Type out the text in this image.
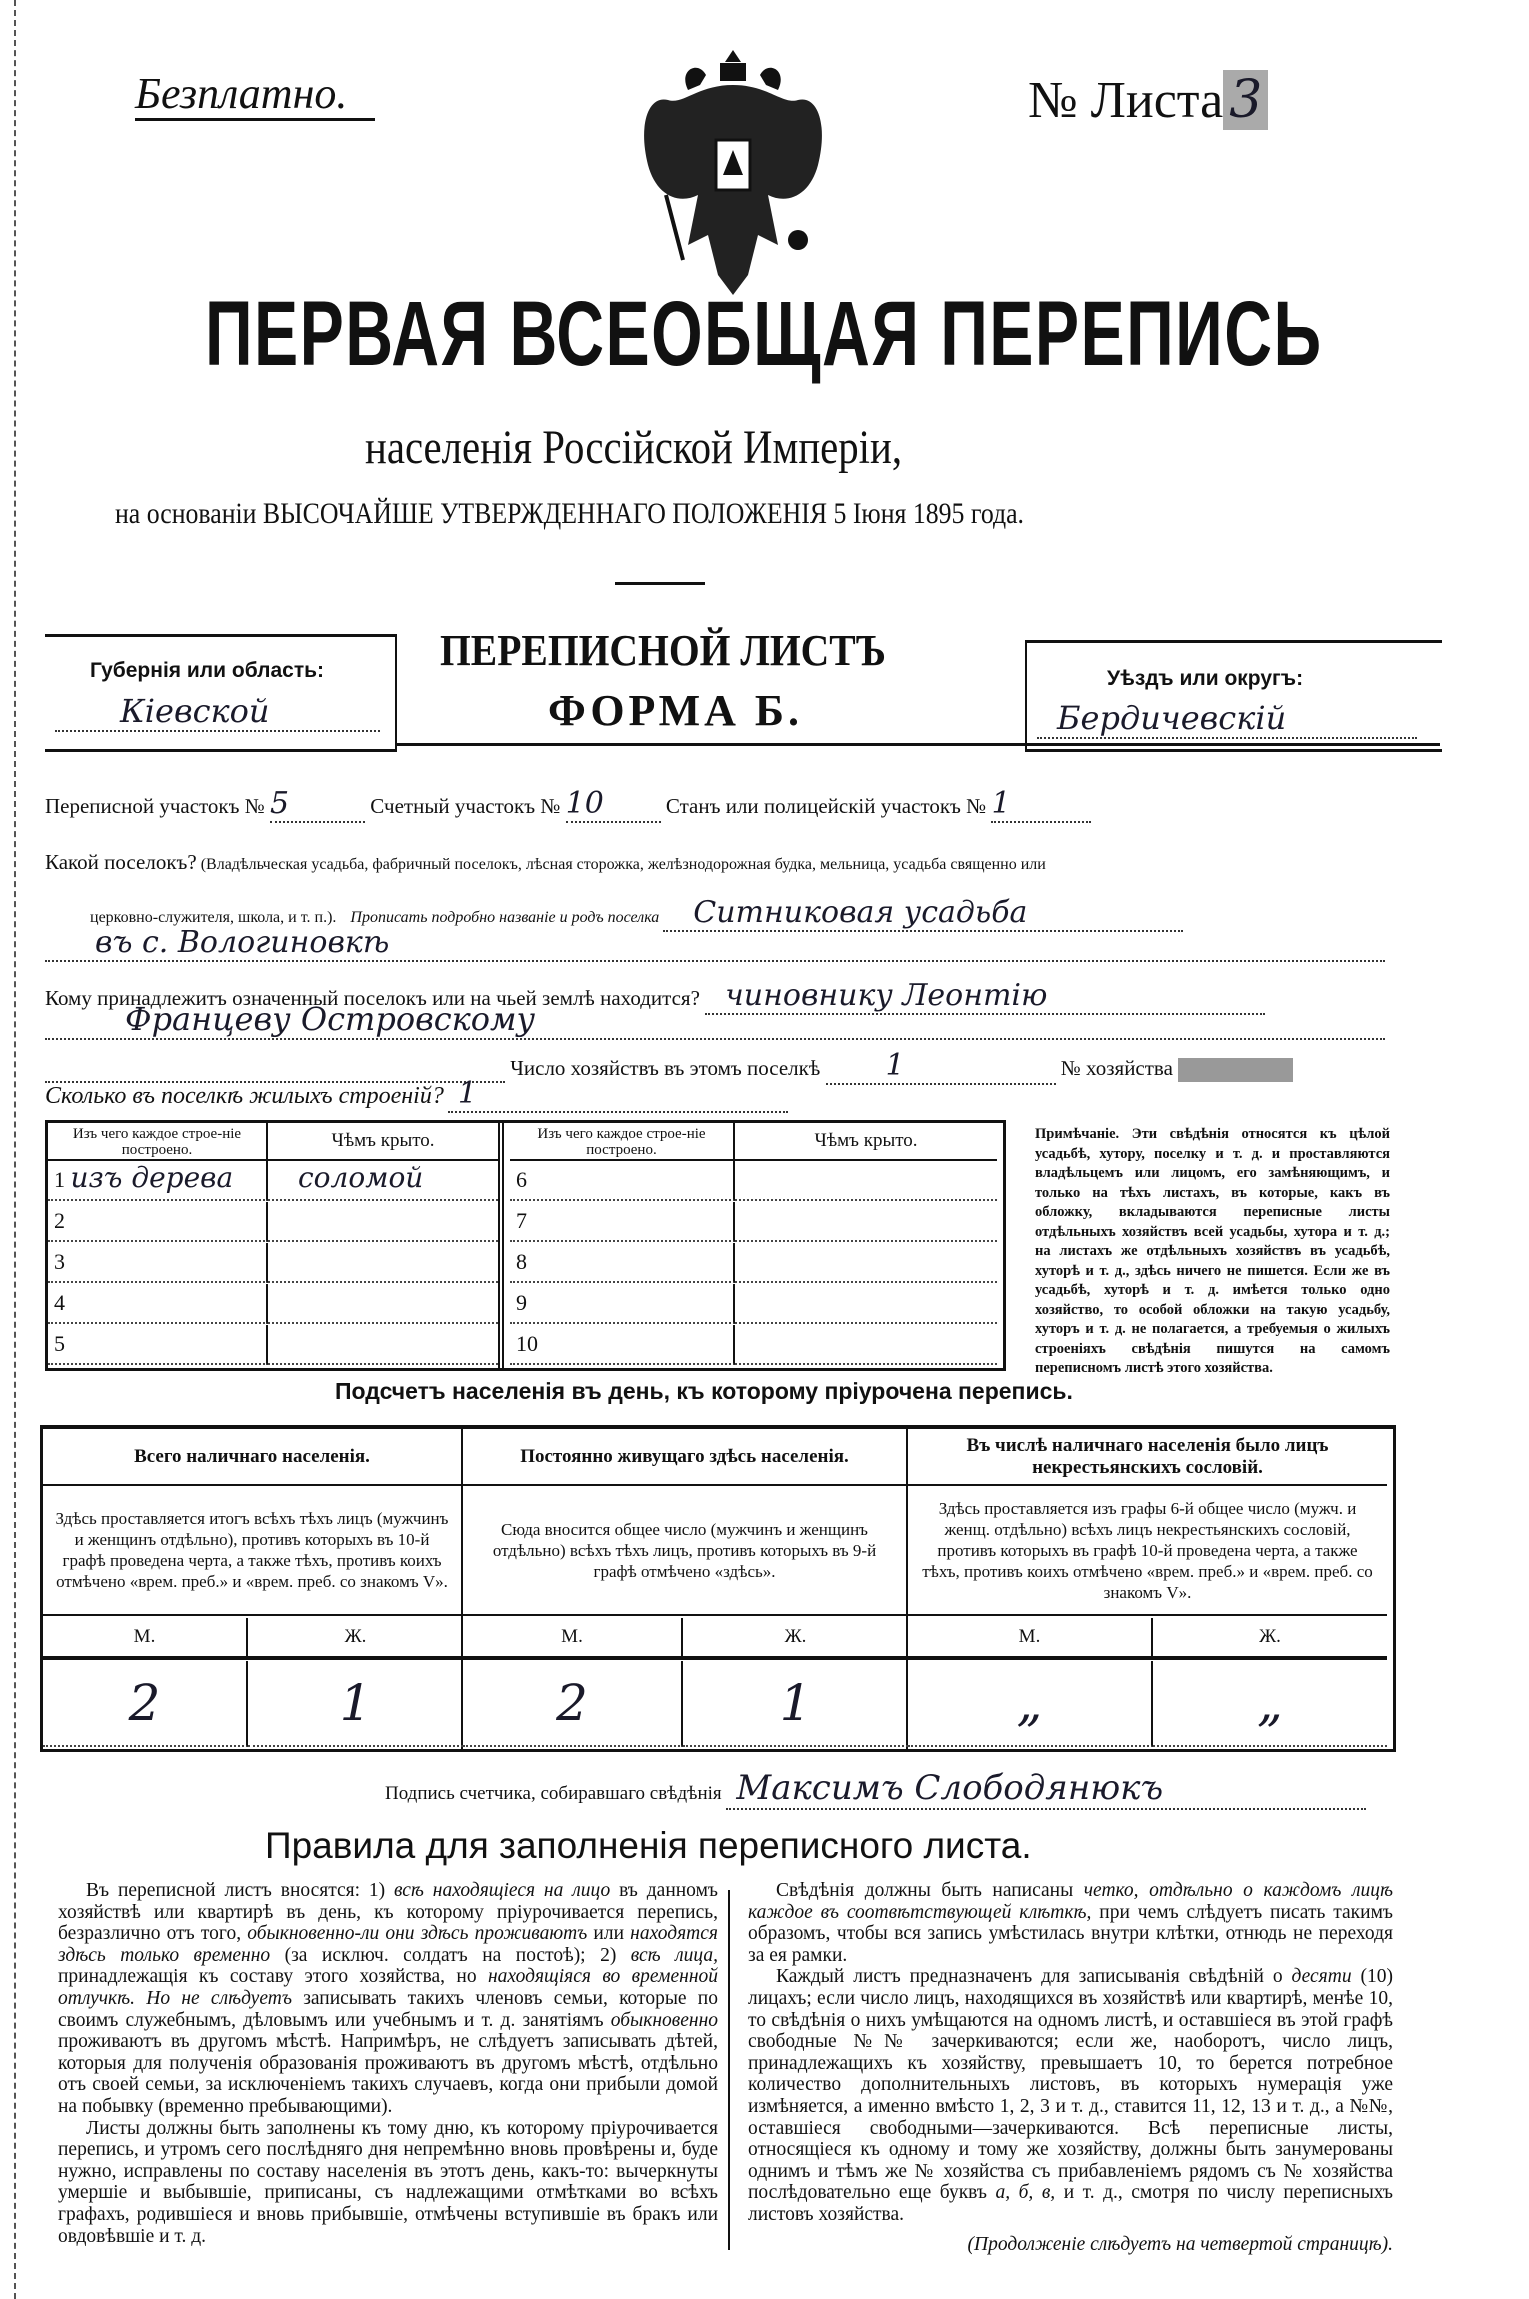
Безплатно.	№ Листа 3
ПЕРВАЯ ВСЕОБЩАЯ ПЕРЕПИСЬ
населенія Россійской Имперіи,
на основаніи ВЫСОЧАЙШЕ УТВЕРЖДЕННАГО ПОЛОЖЕНІЯ 5 Іюня 1895 года.
Губернія или область:
Кіевской
ПЕРЕПИСНОЙ ЛИСТЪ
ФОРМА Б.
Уѣздъ или округъ:
Бердичевскій
Переписной участокъ № 5	Счетный участокъ № 10	Станъ или полицейскій участокъ № 1
Какой поселокъ? (Владѣльческая усадьба, фабричный поселокъ, лѣсная сторожка, желѣзнодорожная будка, мельница, усадьба священно или
церковно-служителя, школа, и т. п.). Прописать подробно названіе и родъ поселка Ситниковая усадьба
въ с. Вологиновкѣ
Кому принадлежитъ означенный поселокъ или на чьей землѣ находится? чиновнику Леонтію
Францеву Островскому
Число хозяйствъ въ этомъ поселкѣ 1	№ хозяйства
Сколько въ поселкѣ жилыхъ строеній? 1
Изъ чего каждое строе-ніе построено.	Чѣмъ крыто.
1 изъ дерева	соломой
2
3
4
5
Изъ чего каждое строе-ніе построено.	Чѣмъ крыто.
6
7
8
9
10
Примѣчаніе. Эти свѣдѣнія относятся къ цѣлой усадьбѣ, хутору, поселку и т. д. и проставляются владѣльцемъ или лицомъ, его замѣняющимъ, и только на тѣхъ листахъ, въ которые, какъ въ обложку, вкладываются переписные листы отдѣльныхъ хозяйствъ всей усадьбы, хутора и т. д.; на листахъ же отдѣльныхъ хозяйствъ въ усадьбѣ, хуторѣ и т. д., здѣсь ничего не пишется. Если же въ усадьбѣ, хуторѣ и т. д. имѣется только одно хозяйство, то особой обложки на такую усадьбу, хуторъ и т. д. не полагается, а требуемыя о жилыхъ строеніяхъ свѣдѣнія пишутся на самомъ переписномъ листѣ этого хозяйства.
Подсчетъ населенія въ день, къ которому пріурочена перепись.
Всего наличнаго населенія.
Здѣсь проставляется итогъ всѣхъ тѣхъ лицъ (мужчинъ и женщинъ отдѣльно), противъ которыхъ въ 10-й графѣ проведена черта, а также тѣхъ, противъ коихъ отмѣчено «врем. преб.» и «врем. преб. со знакомъ V».
М.	Ж.
2	1
Постоянно живущаго здѣсь населенія.
Сюда вносится общее число (мужчинъ и женщинъ отдѣльно) всѣхъ тѣхъ лицъ, противъ которыхъ въ 9-й графѣ отмѣчено «здѣсь».
М.	Ж.
2	1
Въ числѣ наличнаго населенія было лицъ некрестьянскихъ сословій.
Здѣсь проставляется изъ графы 6-й общее число (мужч. и женщ. отдѣльно) всѣхъ лицъ некрестьянскихъ сословій, противъ которыхъ въ графѣ 10-й проведена черта, а также тѣхъ, противъ коихъ отмѣчено «врем. преб.» и «врем. преб. со знакомъ V».
М.	Ж.
„	„
Подпись счетчика, собиравшаго свѣдѣнія Максимъ Слободянюкъ
Правила для заполненія переписного листа.

Въ переписной листъ вносятся: 1) всѣ находящіеся на лицо въ данномъ хозяйствѣ или квартирѣ въ день, къ которому пріурочивается перепись, безразлично отъ того, обыкновенно-ли они здѣсь проживаютъ или находятся здѣсь только временно (за исключ. солдатъ на постоѣ); 2) всѣ лица, принадлежащія къ составу этого хозяйства, но находящіяся во временной отлучкѣ. Но не слѣдуетъ записывать такихъ членовъ семьи, которые по своимъ служебнымъ, дѣловымъ или учебнымъ и т. д. занятіямъ обыкновенно проживаютъ въ другомъ мѣстѣ. Напримѣръ, не слѣдуетъ записывать дѣтей, которыя для полученія образованія проживаютъ въ другомъ мѣстѣ, отдѣльно отъ своей семьи, за исключеніемъ такихъ случаевъ, когда они прибыли домой на побывку (временно пребывающими).

Листы должны быть заполнены къ тому дню, къ которому пріурочивается перепись, и утромъ сего послѣдняго дня непремѣнно вновь провѣрены и, буде нужно, исправлены по составу населенія въ этотъ день, какъ-то: вычеркнуты умершіе и выбывшіе, приписаны, съ надлежащими отмѣтками во всѣхъ графахъ, родившіеся и вновь прибывшіе, отмѣчены вступившіе въ бракъ или овдовѣвшіе и т. д.

Свѣдѣнія должны быть написаны четко, отдѣльно о каждомъ лицѣ каждое въ соотвѣтствующей клѣткѣ, при чемъ слѣдуетъ писать такимъ образомъ, чтобы вся запись умѣстилась внутри клѣтки, отнюдь не переходя за ея рамки.

Каждый листъ предназначенъ для записыванія свѣдѣній о десяти (10) лицахъ; если число лицъ, находящихся въ хозяйствѣ или квартирѣ, менѣе 10, то свѣдѣнія о нихъ умѣщаются на одномъ листѣ, и оставшіеся въ этой графѣ свободные №№ зачеркиваются; если же, наоборотъ, число лицъ, принадлежащихъ къ хозяйству, превышаетъ 10, то берется потребное количество дополнительныхъ листовъ, въ которыхъ нумерація уже измѣняется, а именно вмѣсто 1, 2, 3 и т. д., ставится 11, 12, 13 и т. д., а №№, оставшіеся свободными—зачеркиваются. Всѣ переписные листы, относящіеся къ одному и тому же хозяйству, должны быть занумерованы однимъ и тѣмъ же № хозяйства съ прибавленіемъ рядомъ съ № хозяйства послѣдовательно еще буквъ а, б, в, и т. д., смотря по числу переписныхъ листовъ хозяйства.

(Продолженіе слѣдуетъ на четвертой страницѣ).
